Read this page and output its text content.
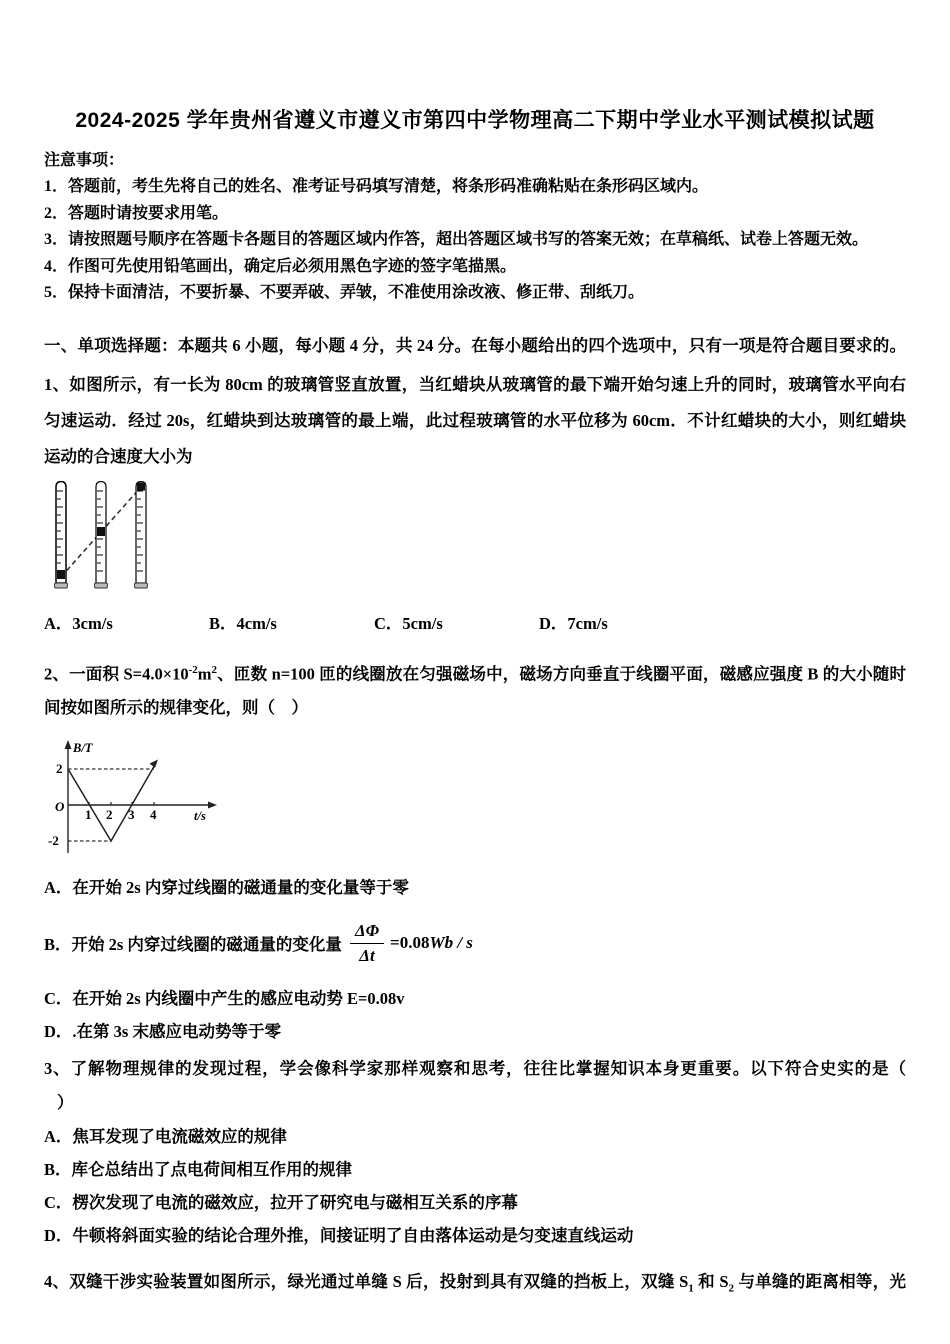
2024-2025 学年贵州省遵义市遵义市第四中学物理高二下期中学业水平测试模拟试题
注意事项：
1．答题前，考生先将自己的姓名、准考证号码填写清楚，将条形码准确粘贴在条形码区域内。
2．答题时请按要求用笔。
3．请按照题号顺序在答题卡各题目的答题区域内作答，超出答题区域书写的答案无效；在草稿纸、试卷上答题无效。
4．作图可先使用铅笔画出，确定后必须用黑色字迹的签字笔描黑。
5．保持卡面清洁，不要折暴、不要弄破、弄皱，不准使用涂改液、修正带、刮纸刀。
一、单项选择题：本题共 6 小题，每小题 4 分，共 24 分。在每小题给出的四个选项中，只有一项是符合题目要求的。
1、如图所示，有一长为 80cm 的玻璃管竖直放置，当红蜡块从玻璃管的最下端开始匀速上升的同时，玻璃管水平向右
匀速运动．经过 20s，红蜡块到达玻璃管的最上端，此过程玻璃管的水平位移为 60cm．不计红蜡块的大小，则红蜡块
运动的合速度大小为
A．3cm/s	B．4cm/s	C．5cm/s	D．7cm/s
2、一面积 $S=4.0\times 10^{-2}m^2$、匝数 n=100 匝的线圈放在匀强磁场中，磁场方向垂直于线圈平面，磁感应强度 B 的大小随时
间按如图所示的规律变化，则（　）
B/T
t/s
O
2
-2
1 2 3 4
A．在开始 2s 内穿过线圈的磁通量的变化量等于零
B．开始 2s 内穿过线圈的磁通量的变化量 $\frac{\Delta\Phi}{\Delta t} =0.08$ Wb / s
C．在开始 2s 内线圈中产生的感应电动势 E=0.08v
D．.在第 3s 末感应电动势等于零
3、了解物理规律的发现过程，学会像科学家那样观察和思考，往往比掌握知识本身更重要。以下符合史实的是（
）
A．焦耳发现了电流磁效应的规律
B．库仑总结出了点电荷间相互作用的规律
C．楞次发现了电流的磁效应，拉开了研究电与磁相互关系的序幕
D．牛顿将斜面实验的结论合理外推，间接证明了自由落体运动是匀变速直线运动
4、双缝干涉实验装置如图所示，绿光通过单缝 S 后，投射到具有双缝的挡板上，双缝 $S_1$ 和 $S_2$ 与单缝的距离相等，光
